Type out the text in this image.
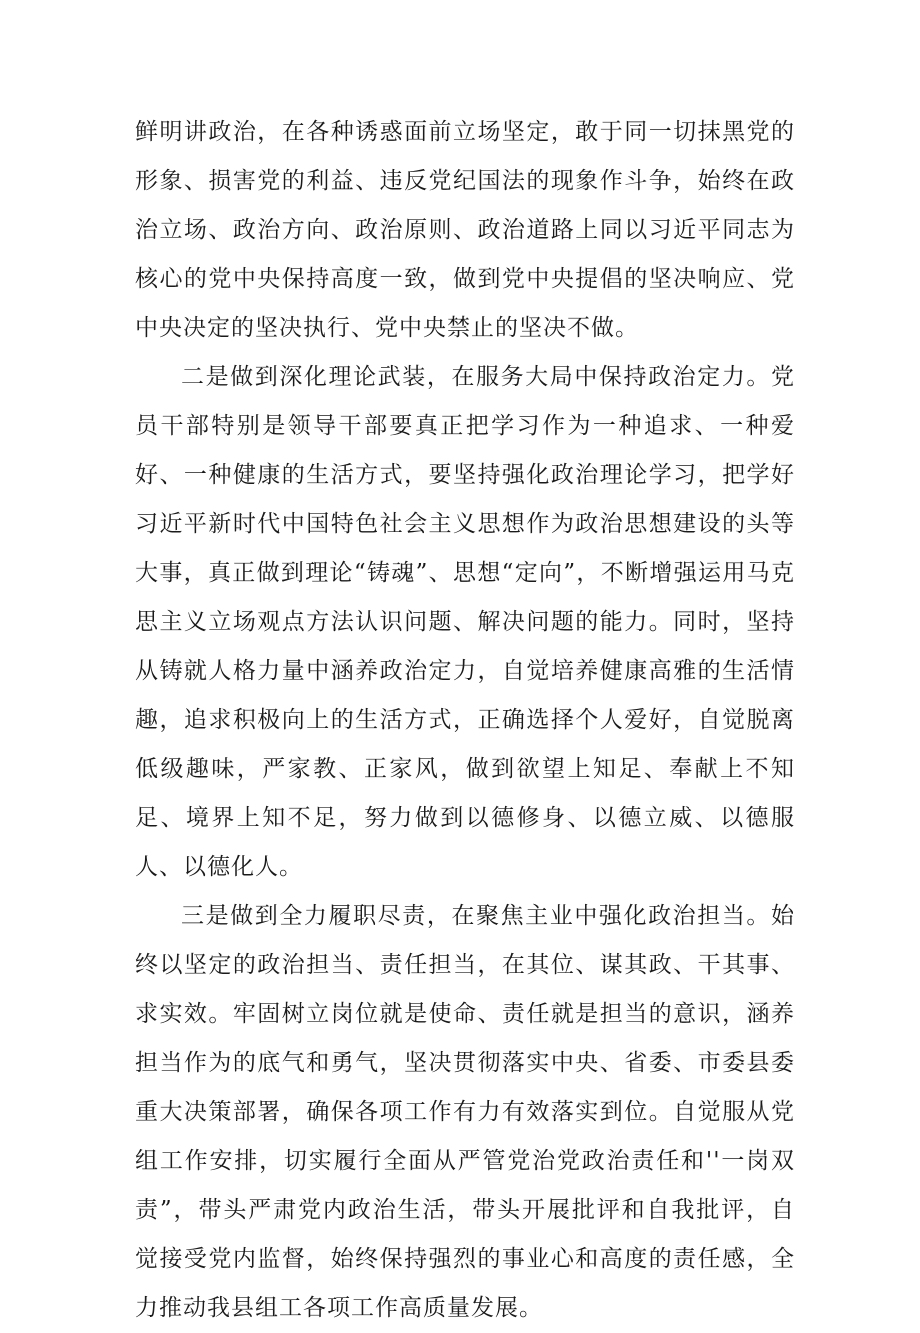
鲜明讲政治，在各种诱惑面前立场坚定，敢于同一切抹黑党的形象、损害党的利益、违反党纪国法的现象作斗争，始终在政治立场、政治方向、政治原则、政治道路上同以习近平同志为核心的党中央保持高度一致，做到党中央提倡的坚决响应、党中央决定的坚决执行、党中央禁止的坚决不做。

二是做到深化理论武装，在服务大局中保持政治定力。党员干部特别是领导干部要真正把学习作为一种追求、一种爱好、一种健康的生活方式，要坚持强化政治理论学习，把学好习近平新时代中国特色社会主义思想作为政治思想建设的头等大事，真正做到理论“铸魂”、思想“定向”，不断增强运用马克思主义立场观点方法认识问题、解决问题的能力。同时，坚持从铸就人格力量中涵养政治定力，自觉培养健康高雅的生活情趣，追求积极向上的生活方式，正确选择个人爱好，自觉脱离低级趣味，严家教、正家风，做到欲望上知足、奉献上不知足、境界上知不足，努力做到以德修身、以德立威、以德服人、以德化人。

三是做到全力履职尽责，在聚焦主业中强化政治担当。始终以坚定的政治担当、责任担当，在其位、谋其政、干其事、求实效。牢固树立岗位就是使命、责任就是担当的意识，涵养担当作为的底气和勇气，坚决贯彻落实中央、省委、市委县委重大决策部署，确保各项工作有力有效落实到位。自觉服从党组工作安排，切实履行全面从严管党治党政治责任和''一岗双责”，带头严肃党内政治生活，带头开展批评和自我批评，自觉接受党内监督，始终保持强烈的事业心和高度的责任感，全力推动我县组工各项工作高质量发展。
